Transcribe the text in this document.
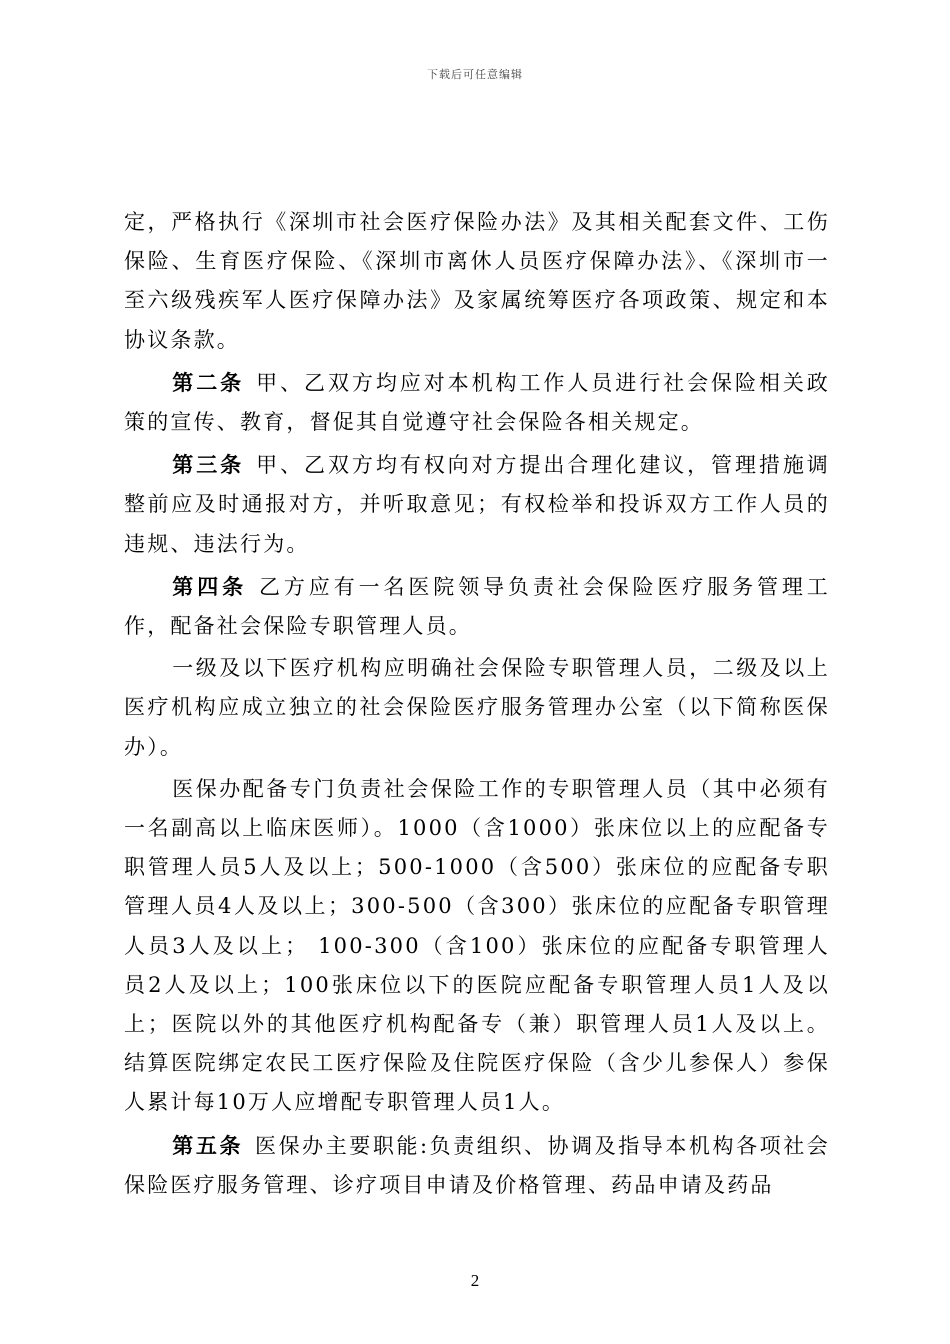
下载后可任意编辑

定，严格执行《深圳市社会医疗保险办法》及其相关配套文件、工伤保险、生育医疗保险、《深圳市离休人员医疗保障办法》、《深圳市一至六级残疾军人医疗保障办法》及家属统筹医疗各项政策、规定和本协议条款。

第二条 甲、乙双方均应对本机构工作人员进行社会保险相关政策的宣传、教育，督促其自觉遵守社会保险各相关规定。

第三条 甲、乙双方均有权向对方提出合理化建议，管理措施调整前应及时通报对方，并听取意见；有权检举和投诉双方工作人员的违规、违法行为。

第四条 乙方应有一名医院领导负责社会保险医疗服务管理工作，配备社会保险专职管理人员。

一级及以下医疗机构应明确社会保险专职管理人员，二级及以上医疗机构应成立独立的社会保险医疗服务管理办公室（以下简称医保办）。

医保办配备专门负责社会保险工作的专职管理人员（其中必须有一名副高以上临床医师）。1000（含1000）张床位以上的应配备专职管理人员5人及以上；500-1000（含500）张床位的应配备专职管理人员4人及以上；300-500（含300）张床位的应配备专职管理人员3人及以上； 100-300（含100）张床位的应配备专职管理人员2人及以上；100张床位以下的医院应配备专职管理人员1人及以上；医院以外的其他医疗机构配备专（兼）职管理人员1人及以上。结算医院绑定农民工医疗保险及住院医疗保险（含少儿参保人）参保人累计每10万人应增配专职管理人员1人。

第五条 医保办主要职能:负责组织、协调及指导本机构各项社会保险医疗服务管理、诊疗项目申请及价格管理、药品申请及药品

2
